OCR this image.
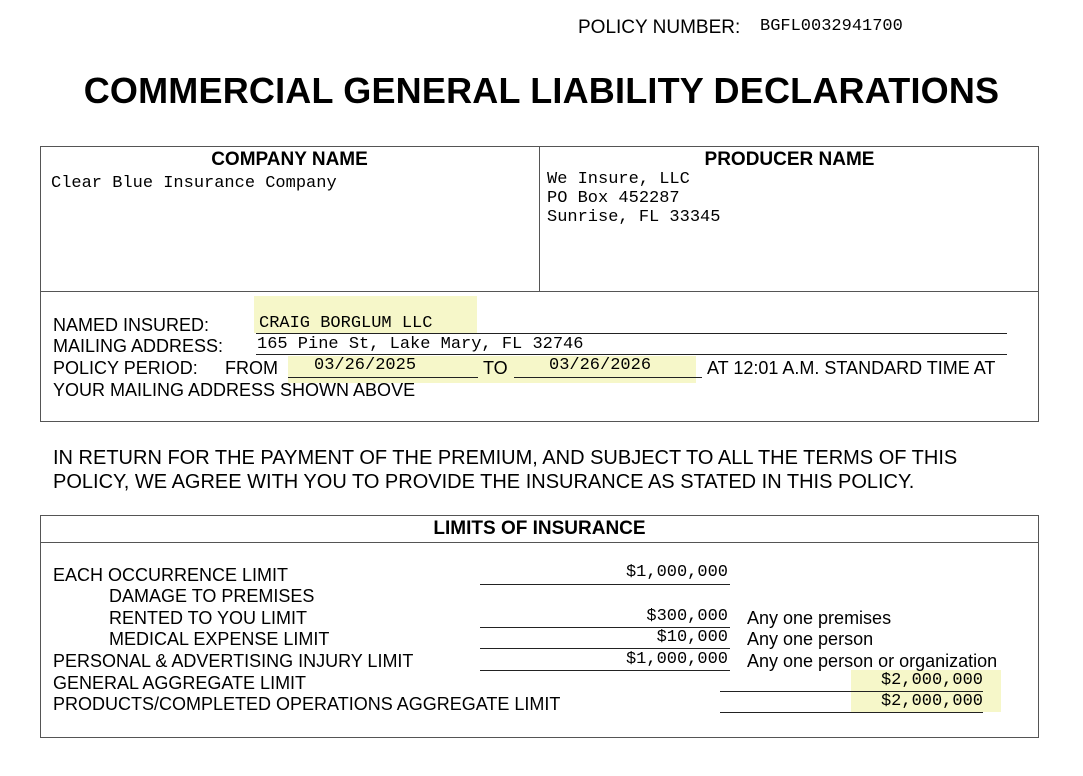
POLICY NUMBER: BGFL0032941700
COMMERCIAL GENERAL LIABILITY DECLARATIONS
COMPANY NAME
Clear Blue Insurance Company
PRODUCER NAME
We Insure, LLC
PO Box 452287
Sunrise, FL 33345
NAMED INSURED:	CRAIG BORGLUM LLC
MAILING ADDRESS: 165 Pine St, Lake Mary, FL 32746
POLICY PERIOD: FROM 03/26/2025	TO 03/26/2026	AT 12:01 A.M. STANDARD TIME AT
YOUR MAILING ADDRESS SHOWN ABOVE
IN RETURN FOR THE PAYMENT OF THE PREMIUM, AND SUBJECT TO ALL THE TERMS OF THIS
POLICY, WE AGREE WITH YOU TO PROVIDE THE INSURANCE AS STATED IN THIS POLICY.
LIMITS OF INSURANCE
EACH OCCURRENCE LIMIT	$1,000,000
DAMAGE TO PREMISES
RENTED TO YOU LIMIT	$300,000 Any one premises
MEDICAL EXPENSE LIMIT	$10,000 Any one person
PERSONAL & ADVERTISING INJURY LIMIT	$1,000,000 Any one person or organization
GENERAL AGGREGATE LIMIT	$2,000,000
PRODUCTS/COMPLETED OPERATIONS AGGREGATE LIMIT	$2,000,000
